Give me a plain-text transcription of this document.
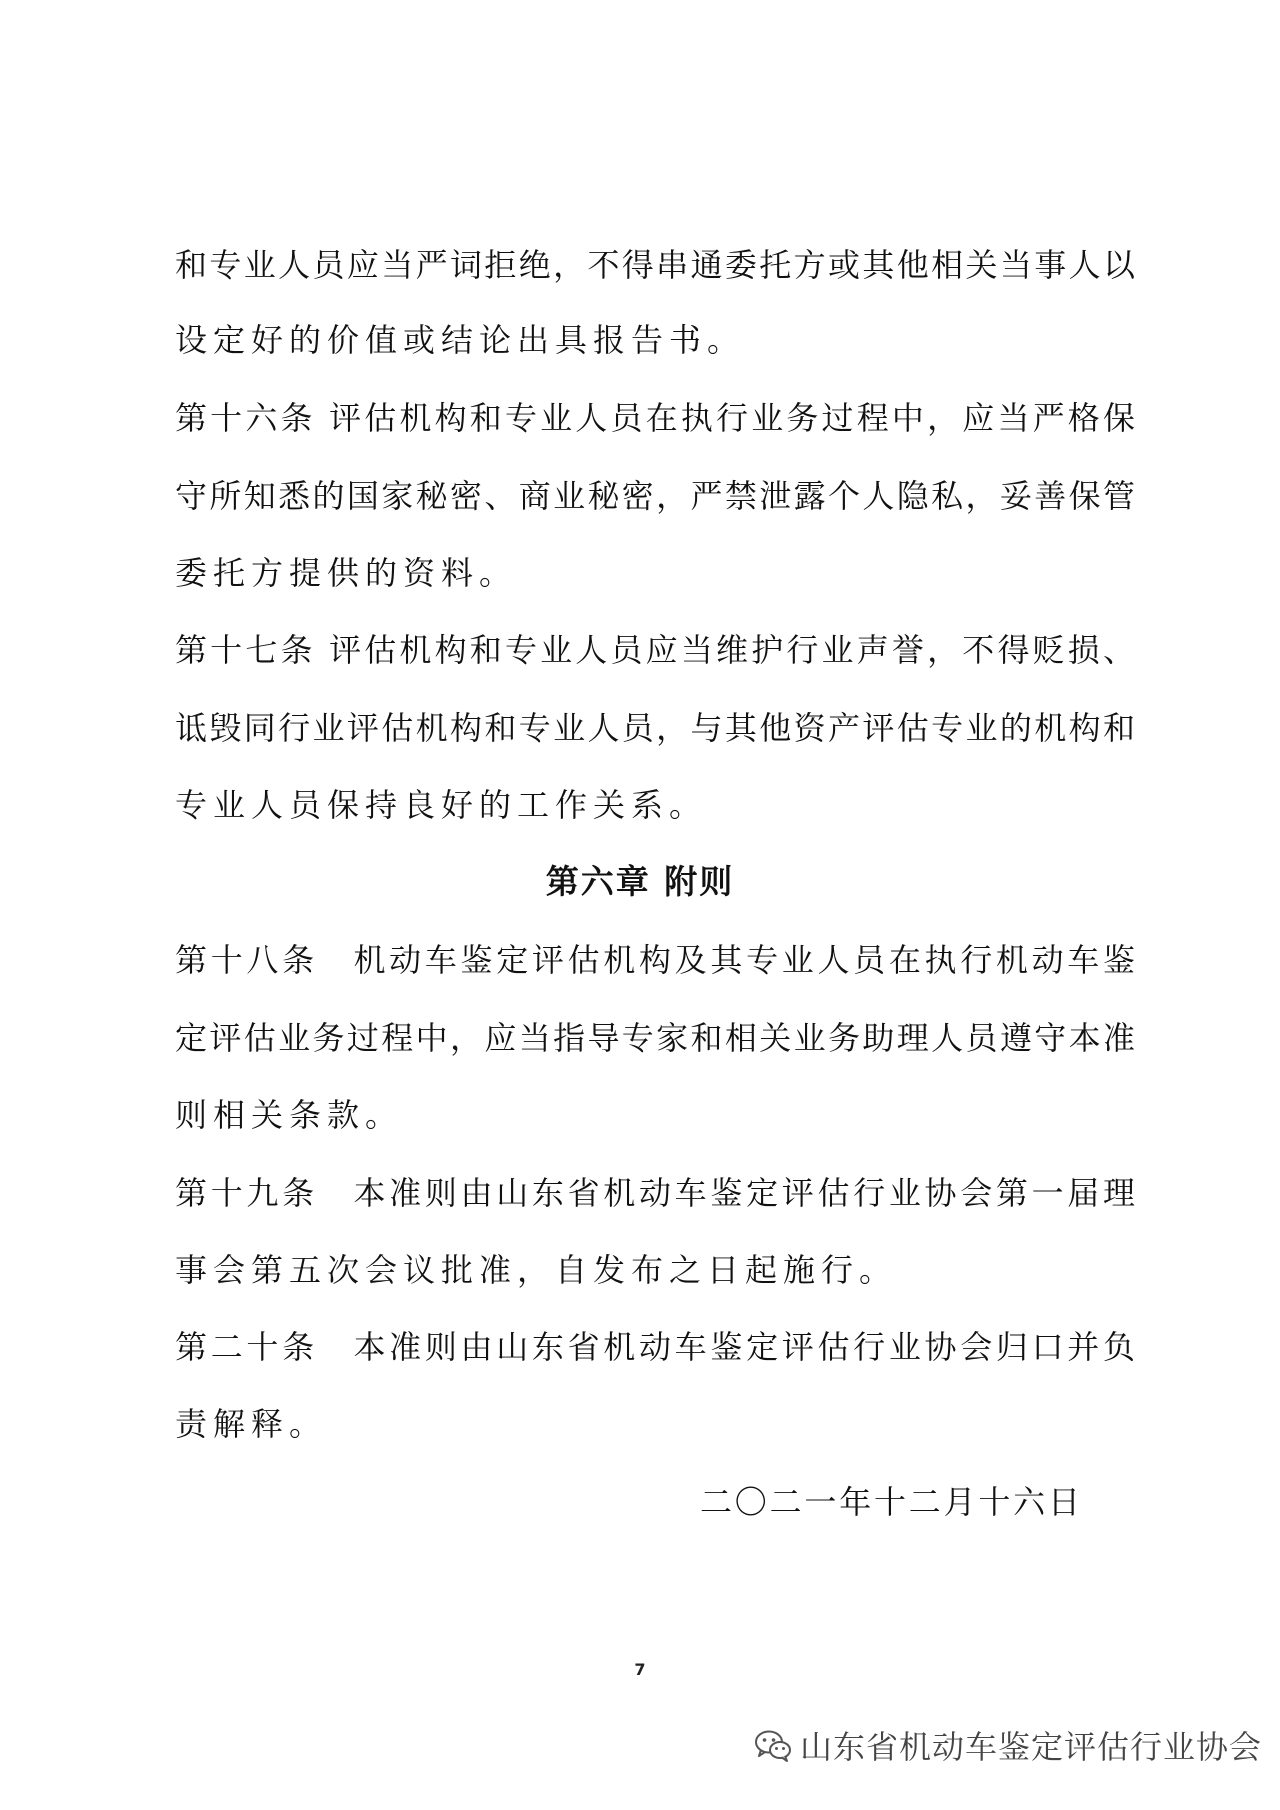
和专业人员应当严词拒绝，不得串通委托方或其他相关当事人以
设定好的价值或结论出具报告书。
第十六条 评估机构和专业人员在执行业务过程中，应当严格保
守所知悉的国家秘密、商业秘密，严禁泄露个人隐私，妥善保管
委托方提供的资料。
第十七条 评估机构和专业人员应当维护行业声誉，不得贬损、
诋毁同行业评估机构和专业人员，与其他资产评估专业的机构和
专业人员保持良好的工作关系。
第六章 附则
第十八条　机动车鉴定评估机构及其专业人员在执行机动车鉴
定评估业务过程中，应当指导专家和相关业务助理人员遵守本准
则相关条款。
第十九条　本准则由山东省机动车鉴定评估行业协会第一届理
事会第五次会议批准，自发布之日起施行。
第二十条　本准则由山东省机动车鉴定评估行业协会归口并负
责解释。
二〇二一年十二月十六日
7
山东省机动车鉴定评估行业协会
